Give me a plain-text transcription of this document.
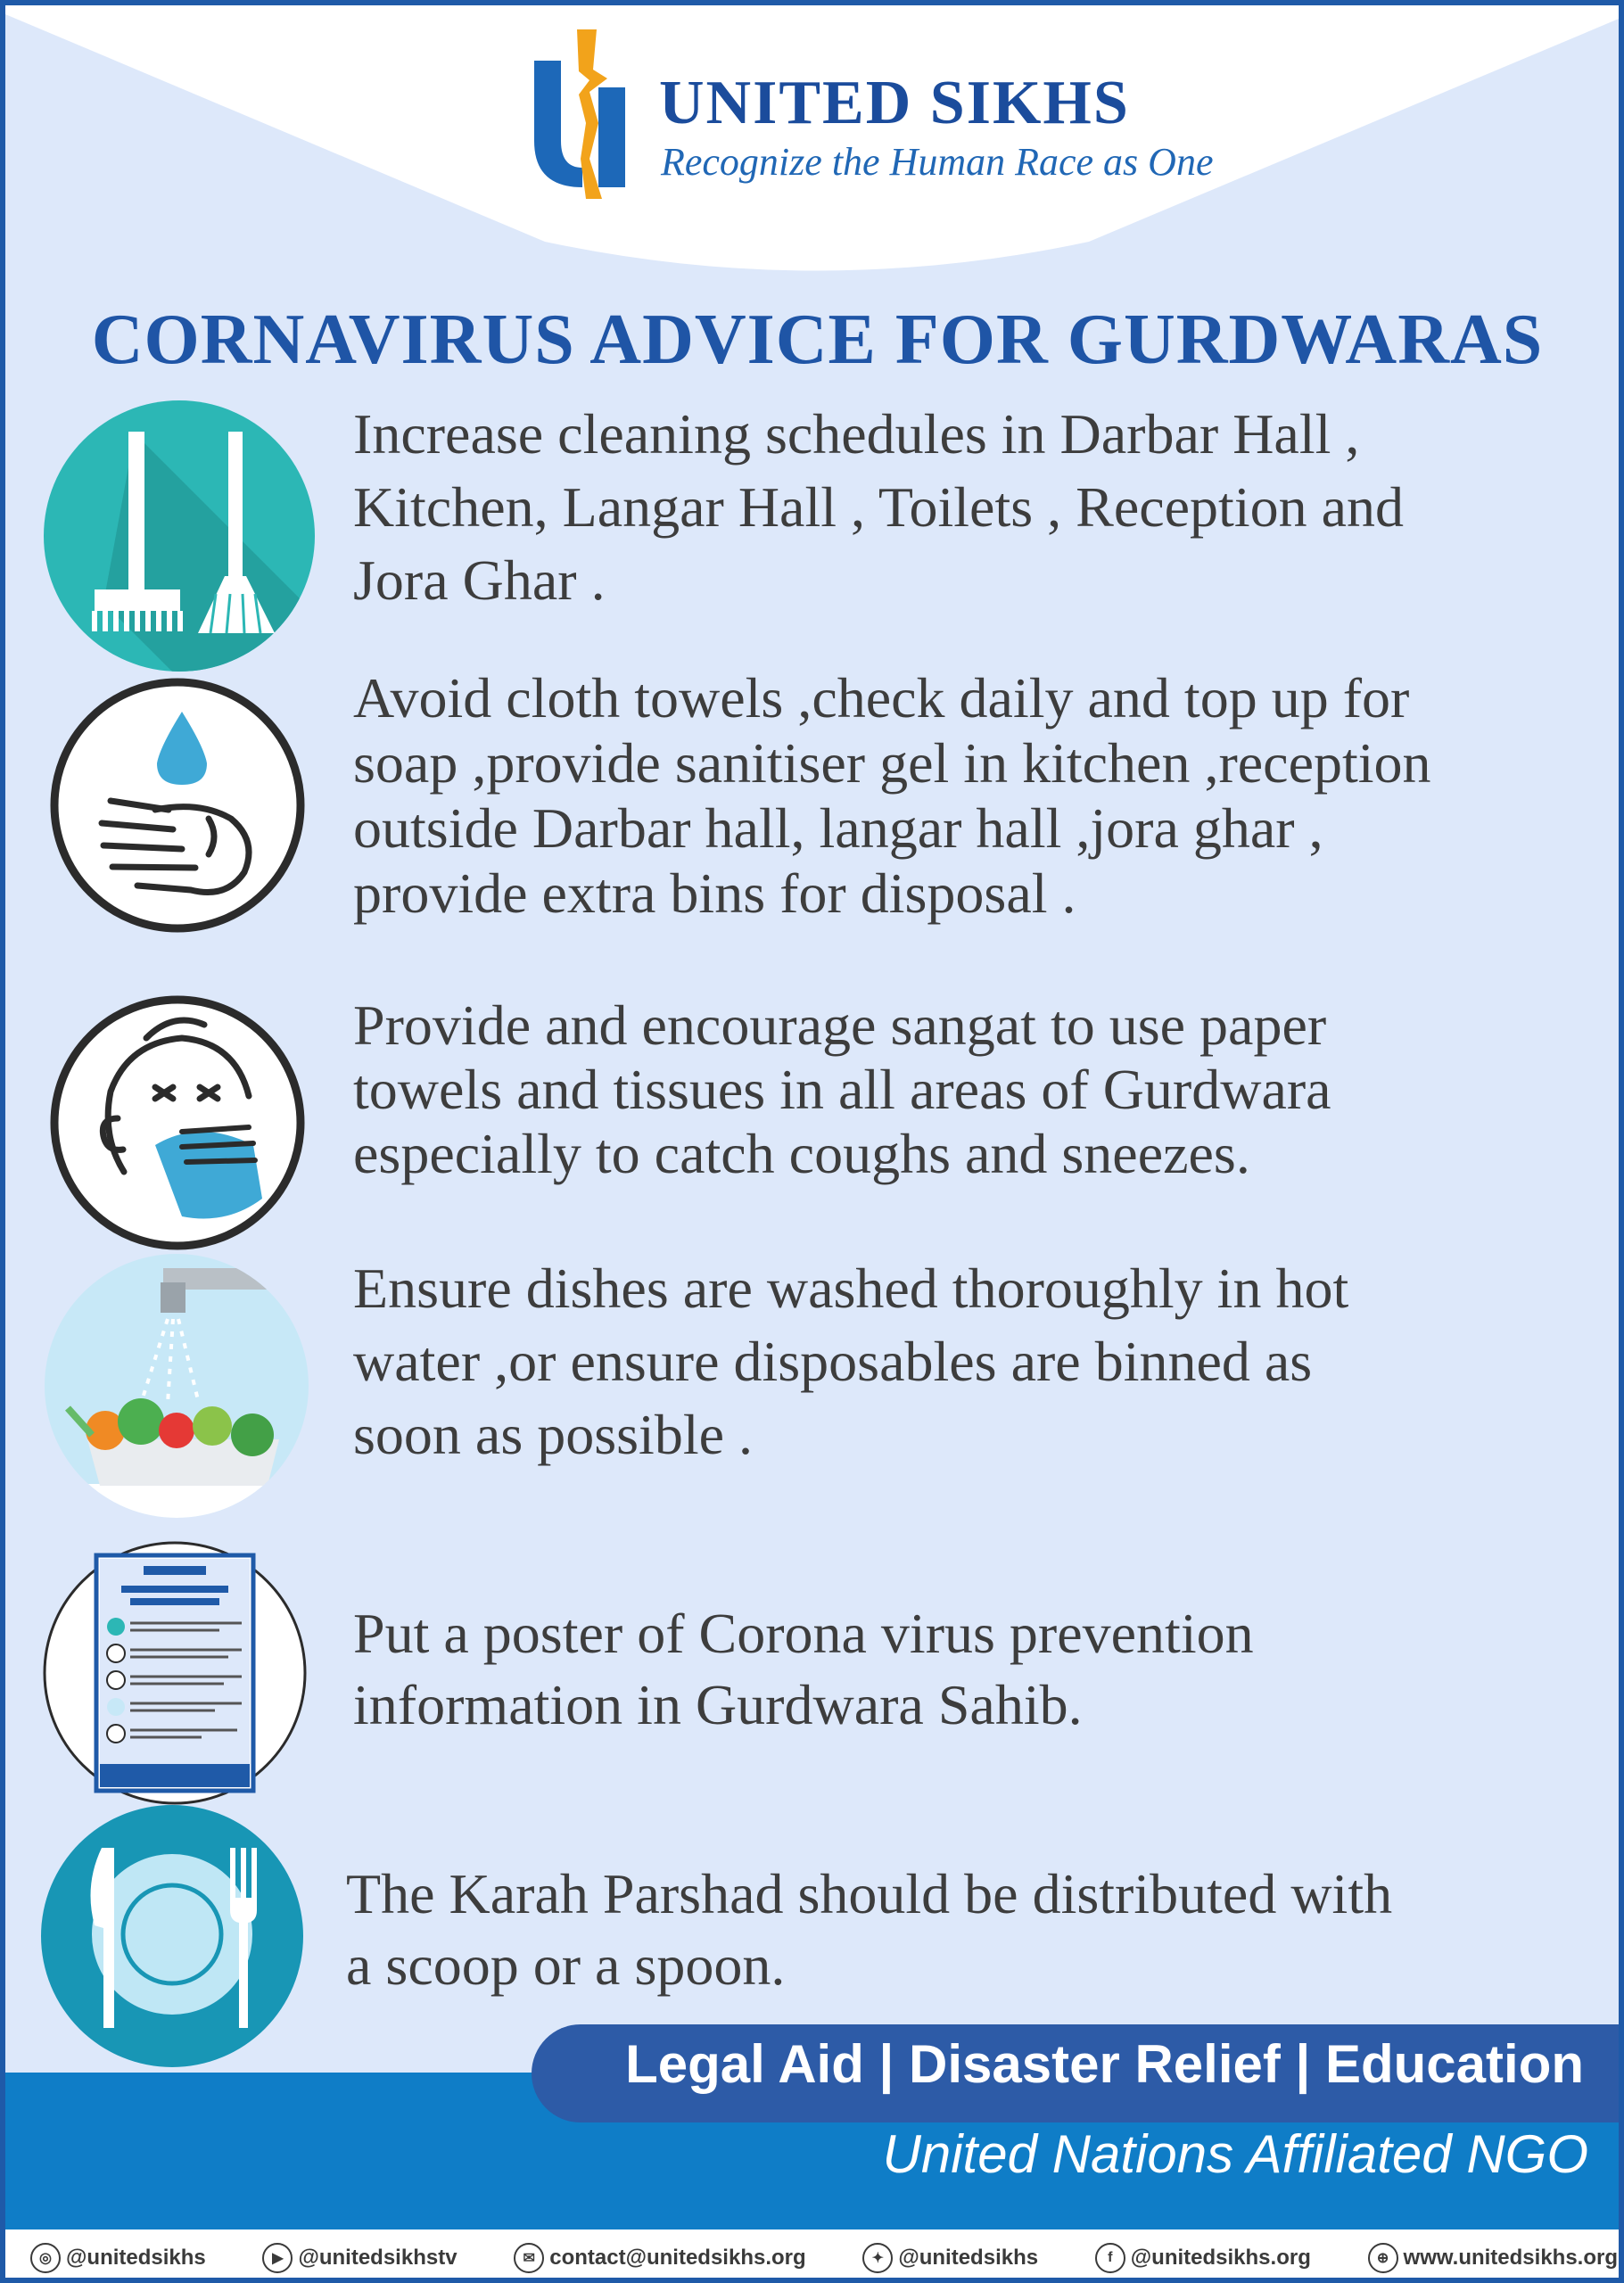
UNITED SIKHS
Recognize the Human Race as One
CORNAVIRUS ADVICE FOR GURDWARAS
Increase cleaning schedules in Darbar Hall ,
Kitchen, Langar Hall , Toilets , Reception and
Jora Ghar .
Avoid cloth towels ,check daily and top up for
soap ,provide sanitiser gel in kitchen ,reception
outside Darbar hall, langar hall ,jora ghar ,
provide extra bins for disposal .
Provide and encourage sangat to use paper
towels and tissues in all areas of Gurdwara
especially to catch coughs and sneezes.
Ensure dishes are washed thoroughly in hot
water ,or ensure disposables are binned as
soon as possible .
Put a poster of Corona virus prevention
information in Gurdwara Sahib.
The Karah Parshad should be distributed with
a scoop or a spoon.
Legal Aid | Disaster Relief | Education
United Nations Affiliated NGO
◎ @unitedsikhs	▶ @unitedsikhstv	✉ contact@unitedsikhs.org	✦ @unitedsikhs	f @unitedsikhs.org	⊕ www.unitedsikhs.org
